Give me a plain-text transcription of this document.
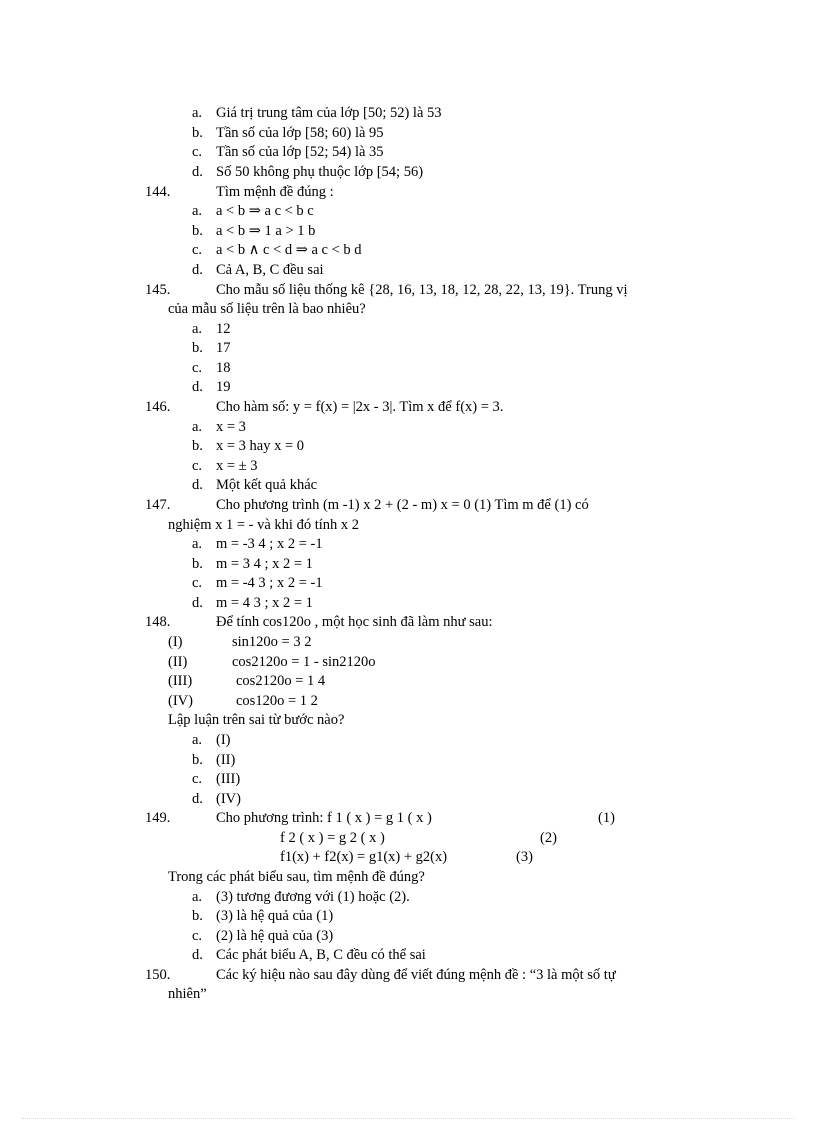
a. Giá trị trung tâm của lớp [50; 52) là 53
b. Tần số của lớp [58; 60) là 95
c. Tần số của lớp [52; 54) là 35
d. Số 50 không phụ thuộc lớp [54; 56)
144.	Tìm mệnh đề đúng :
a. a < b ⇒ a c < b c
b. a < b ⇒ 1 a > 1 b
c. a < b ∧ c < d ⇒ a c < b d
d. Cả A, B, C đều sai
145.	Cho mẫu số liệu thống kê {28, 16, 13, 18, 12, 28, 22, 13, 19}. Trung vị
của mẫu số liệu trên là bao nhiêu?
a. 12
b. 17
c. 18
d. 19
146.	Cho hàm số: y = f(x) = |2x - 3|. Tìm x để f(x) = 3.
a. x = 3
b. x = 3 hay x = 0
c. x = ± 3
d. Một kết quả khác
147.	Cho phương trình (m -1) x 2 + (2 - m) x = 0 (1) Tìm m để (1) có
nghiệm x 1 = - và khi đó tính x 2
a. m = -3 4 ; x 2 = -1
b. m = 3 4 ; x 2 = 1
c. m = -4 3 ; x 2 = -1
d. m = 4 3 ; x 2 = 1
148.	Để tính cos120o , một học sinh đã làm như sau:
(I)	sin120o = 3 2
(II)	cos2120o = 1 - sin2120o
(III)	cos2120o = 1 4
(IV)	cos120o = 1 2
Lập luận trên sai từ bước nào?
a. (I)
b. (II)
c. (III)
d. (IV)
149.	Cho phương trình: f 1 ( x ) = g 1 ( x )	(1)
f 2 ( x ) = g 2 ( x )	(2)
f1(x) + f2(x) = g1(x) + g2(x)	(3)
Trong các phát biểu sau, tìm mệnh đề đúng?
a. (3) tương đương với (1) hoặc (2).
b. (3) là hệ quả của (1)
c. (2) là hệ quả của (3)
d. Các phát biểu A, B, C đều có thể sai
150.	Các ký hiệu nào sau đây dùng để viết đúng mệnh đề : “3 là một số tự
nhiên”
